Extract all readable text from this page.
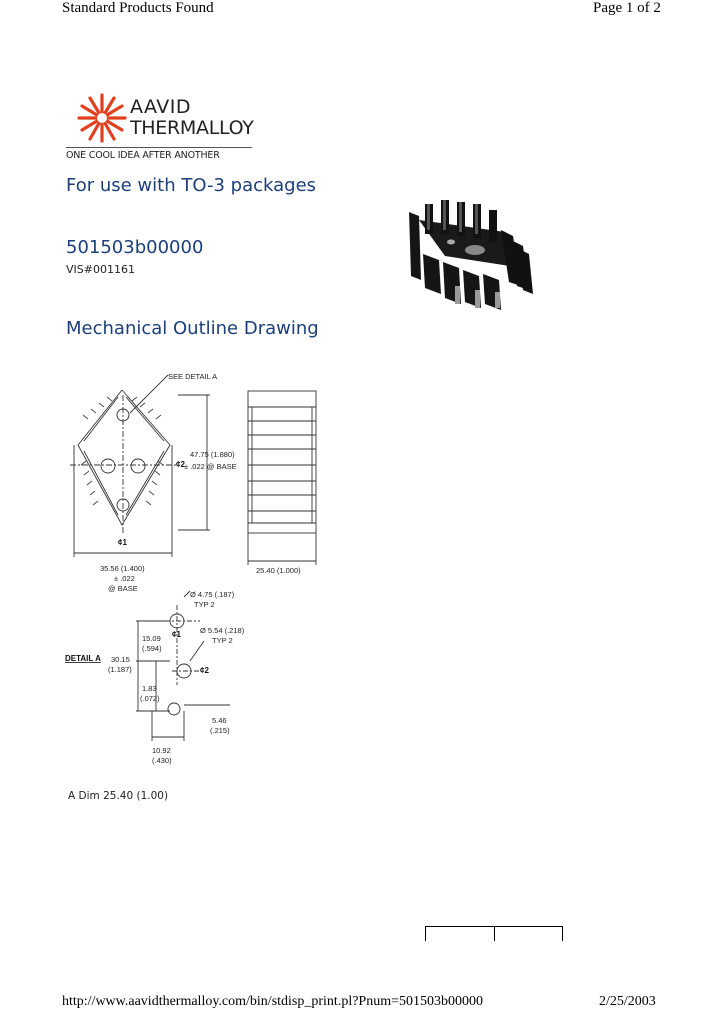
Standard Products Found	Page 1 of 2
AAVID
THERMALLOY
ONE COOL IDEA AFTER ANOTHER
For use with TO-3 packages
501503b00000
VIS#001161
Mechanical Outline Drawing
SEE DETAIL A
¢2
¢1
47.75 (1.880)
± .022 @ BASE
35.56 (1.400)
± .022
@ BASE
25.40 (1.000)
Ø 4.75 (.187)
TYP 2
¢1	Ø 5.54 (.218)
TYP 2
15.09
(.594)
DETAIL A 30.15
(1.187)	¢2
1.83
(.072)
5.46
(.215)
10.92
(.430)
A Dim 25.40 (1.00)
http://www.aavidthermalloy.com/bin/stdisp_print.pl?Pnum=501503b00000	2/25/2003
